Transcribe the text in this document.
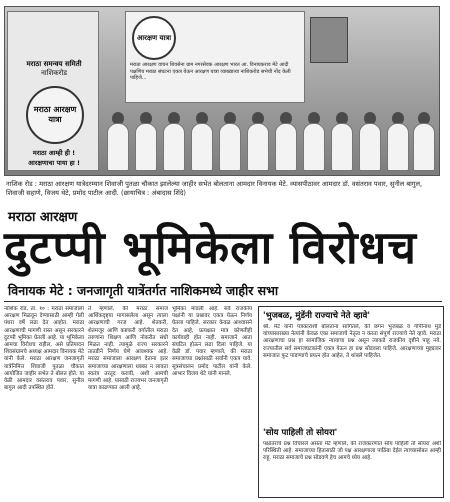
मराठा समन्वय समिती
नाशिकरोड
मराठा आरक्षण यात्रा
मराठा आम्ही ही !
आरक्षणाचा पाया हा !
आरक्षण यात्रा
मराठा आरक्षण वाचन शिवसेना ग्राम नगरसेवक आरक्षण भारत आ. विनायकराव मेटे आदी पक्षणिय मराठा संघटना एकत्र येऊन आरक्षण यात्रा व्याख्यात्या नाशिकरोड सभेची नोंद केली पाहिजे...
नाशिक रोड : मराठा आरक्षण यात्रेदरम्यान शिवाजी पुतळा चौकात झालेल्या जाहीर सभेत बोलताना आमदार विनायक मेटे. व्यासपीठावर आमदार डॉ. वसंतराव पवार, सुनील बागुल, शिवाजी सहाणे, विजय थेटे, प्रमोद पाटील आदी. (छायाचित्र : अंबादास शिंदे)
मराठा आरक्षण
दुटप्पी भूमिकेला विरोधच
विनायक मेटे : जनजागृती यात्रेंतर्गत नाशिकमध्ये जाहीर सभा
नाशिक रोड, ता. १० : मराठा समाजाला आरक्षण मिळवून देण्यासाठी आम्ही गेली पंधरा वर्षे लढा देत आहोत. मराठा आरक्षणाची मागणी रास्त असून सरकारने दुटप्पी भूमिका घेतली आहे. या भूमिकेला आमचा विरोधच राहील, असे प्रतिपादन शिवसंग्रामचे अध्यक्ष आमदार विनायक मेटे यांनी केले. मराठा आरक्षण जनजागृती यात्रेनिमित्त शिवाजी पुतळा चौकात आयोजित जाहीर सभेत ते बोलत होते. या वेळी आमदार वसंतराव पवार, सुनील बागुल आदी उपस्थित होते.
ते म्हणाले, की मराठा समाज आर्थिकदृष्ट्या मागासलेला असून त्याला आरक्षणाची गरज आहे. शेतकरी, शेतमजूर आणि कष्टकरी वर्गातील मराठा तरुणांना शिक्षण आणि नोकरीत संधी मिळत नाही. त्यामुळे राज्य सरकारने तातडीने निर्णय घेणे आवश्यक आहे. मराठा समाजाला आरक्षण देताना इतर समाजाच्या आरक्षणाला धक्का न लावता स्वतंत्र तरतूद करावी, अशी आमची मागणी आहे. यासाठी राज्यभर जनजागृती यात्रा काढण्यात आली आहे.
भूमिका मांडली आहे. सर्व राजकीय पक्षांनी या प्रश्नावर एकत्र येऊन निर्णय घेतला पाहिजे. सरकार केवळ आश्वासने देत आहे, प्रत्यक्षात मात्र कोणतीही कार्यवाही होत नाही. समाजाने आता संघटित होऊन लढा दिला पाहिजे. या वेळी डॉ. पवार म्हणाले, की मराठा समाजाच्या प्रश्नांसाठी सर्वांनी एकत्र यावे. सूत्रसंचालन प्रमोद पाटील यांनी केले. आभार विजय थेटे यांनी मानले.
'भुजबळ, मुंडेंनी राज्याचे नेते व्हावे'
श्री. मेटे यांनी पत्रकारांशी बोलताना सांगितले, की छगन भुजबळ व गोपीनाथ मुंडे यांच्यासारख्या नेत्यांनी केवळ एका समाजाचे नेतृत्व न करता संपूर्ण राज्याचे नेते व्हावे. मराठा आरक्षणाचा प्रश्न हा सामाजिक न्यायाचा प्रश्न असून त्याकडे राजकीय दृष्टीने पाहू नये. राज्यातील सर्व समाजघटकांनी एकत्र येऊन हा प्रश्न सोडवला पाहिजे. आरक्षणाच्या मुद्द्यावर समाजात फूट पाडण्याचे प्रयत्न होत आहेत, ते थांबले पाहिजेत.
'सोय पाहिली तो सोयरा'
पक्षांतराचे प्रश्न विचारले असता मेटे म्हणाले, की राजकारणात सोय पाहिली तो सोयरा अशी परिस्थिती आहे. समाजाच्या हितासाठी जो पक्ष आरक्षणाला पाठिंबा देईल त्याच्यासोबत आम्ही राहू. मराठा समाजाचे प्रश्न सोडवणे हेच आमचे ध्येय आहे.
